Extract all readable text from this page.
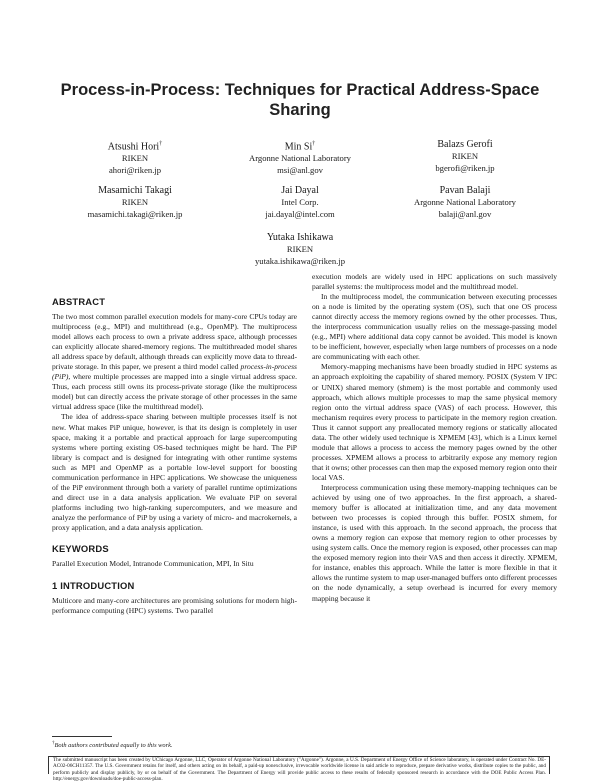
Process-in-Process: Techniques for Practical Address-Space Sharing
Atsushi Hori†
RIKEN
ahori@riken.jp
Min Si†
Argonne National Laboratory
msi@anl.gov
Balazs Gerofi
RIKEN
bgerofi@riken.jp
Masamichi Takagi
RIKEN
masamichi.takagi@riken.jp
Jai Dayal
Intel Corp.
jai.dayal@intel.com
Pavan Balaji
Argonne National Laboratory
balaji@anl.gov
Yutaka Ishikawa
RIKEN
yutaka.ishikawa@riken.jp
ABSTRACT

The two most common parallel execution models for many-core CPUs today are multiprocess (e.g., MPI) and multithread (e.g., OpenMP). The multiprocess model allows each process to own a private address space, although processes can explicitly allocate shared-memory regions. The multithreaded model shares all address space by default, although threads can explicitly move data to thread-private storage. In this paper, we present a third model called process-in-process (PiP), where multiple processes are mapped into a single virtual address space. Thus, each process still owns its process-private storage (like the multiprocess model) but can directly access the private storage of other processes in the same virtual address space (like the multithread model).

The idea of address-space sharing between multiple processes itself is not new. What makes PiP unique, however, is that its design is completely in user space, making it a portable and practical approach for large supercomputing systems where porting existing OS-based techniques might be hard. The PiP library is compact and is designed for integrating with other runtime systems such as MPI and OpenMP as a portable low-level support for boosting communication performance in HPC applications. We showcase the uniqueness of the PiP environment through both a variety of parallel runtime optimizations and direct use in a data analysis application. We evaluate PiP on several platforms including two high-ranking supercomputers, and we measure and analyze the performance of PiP by using a variety of micro- and macrokernels, a proxy application, and a data analysis application.

KEYWORDS

Parallel Execution Model, Intranode Communication, MPI, In Situ

1 INTRODUCTION

Multicore and many-core architectures are promising solutions for modern high-performance computing (HPC) systems. Two parallel

execution models are widely used in HPC applications on such massively parallel systems: the multiprocess model and the multithread model.

In the multiprocess model, the communication between executing processes on a node is limited by the operating system (OS), such that one OS process cannot directly access the memory regions owned by the other processes. Thus, the interprocess communication usually relies on the message-passing model (e.g., MPI) where additional data copy cannot be avoided. This model is known to be inefficient, however, especially when large numbers of processes on a node are communicating with each other.

Memory-mapping mechanisms have been broadly studied in HPC systems as an approach exploiting the capability of shared memory. POSIX (System V IPC or UNIX) shared memory (shmem) is the most portable and commonly used approach, which allows multiple processes to map the same physical memory region onto the virtual address space (VAS) of each process. However, this mechanism requires every process to participate in the memory region creation. Thus it cannot support any preallocated memory regions or statically allocated data. The other widely used technique is XPMEM [43], which is a Linux kernel module that allows a process to access the memory pages owned by the other processes. XPMEM allows a process to arbitrarily expose any memory region that it owns; other processes can then map the exposed memory region onto their local VAS.

Interprocess communication using these memory-mapping techniques can be achieved by using one of two approaches. In the first approach, a shared-memory buffer is allocated at initialization time, and any data movement between two processes is copied through this buffer. POSIX shmem, for instance, is used with this approach. In the second approach, the process that owns a memory region can expose that memory region to other processes by using system calls. Once the memory region is exposed, other processes can map the exposed memory region into their VAS and then access it directly. XPMEM, for instance, enables this approach. While the latter is more flexible in that it allows the runtime system to map user-managed buffers onto different processes on the node dynamically, a setup overhead is incurred for every memory mapping because it

†Both authors contributed equally to this work.
The submitted manuscript has been created by UChicago Argonne, LLC, Operator of Argonne National Laboratory ("Argonne"). Argonne, a U.S. Department of Energy Office of Science laboratory, is operated under Contract No. DE-AC02-06CH11357. The U.S. Government retains for itself, and others acting on its behalf, a paid-up nonexclusive, irrevocable worldwide license in said article to reproduce, prepare derivative works, distribute copies to the public, and perform publicly and display publicly, by or on behalf of the Government. The Department of Energy will provide public access to these results of federally sponsored research in accordance with the DOE Public Access Plan. http://energy.gov/downloads/doe-public-access-plan.
